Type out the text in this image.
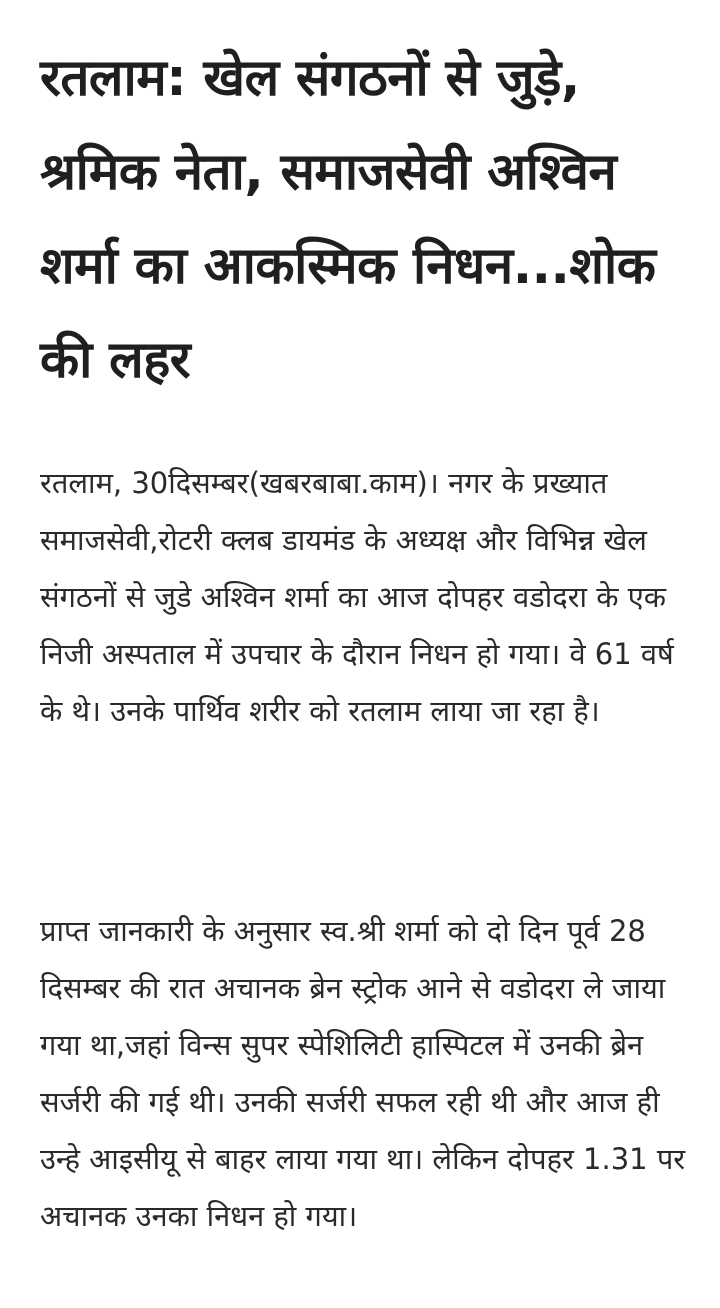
रतलाम: खेल संगठनों से जुड़े, श्रमिक नेता, समाजसेवी अश्विन शर्मा का आकस्मिक निधन...शोक की लहर

रतलाम, 30दिसम्बर(खबरबाबा.काम)। नगर के प्रख्यात समाजसेवी,रोटरी क्लब डायमंड के अध्यक्ष और विभिन्न खेल संगठनों से जुडे अश्विन शर्मा का आज दोपहर वडोदरा के एक निजी अस्पताल में उपचार के दौरान निधन हो गया। वे 61 वर्ष के थे। उनके पार्थिव शरीर को रतलाम लाया जा रहा है।

प्राप्त जानकारी के अनुसार स्व.श्री शर्मा को दो दिन पूर्व 28 दिसम्बर की रात अचानक ब्रेन स्ट्रोक आने से वडोदरा ले जाया गया था,जहां विन्स सुपर स्पेशिलिटी हास्पिटल में उनकी ब्रेन सर्जरी की गई थी। उनकी सर्जरी सफल रही थी और आज ही उन्हे आइसीयू से बाहर लाया गया था। लेकिन दोपहर 1.31 पर अचानक उनका निधन हो गया।
